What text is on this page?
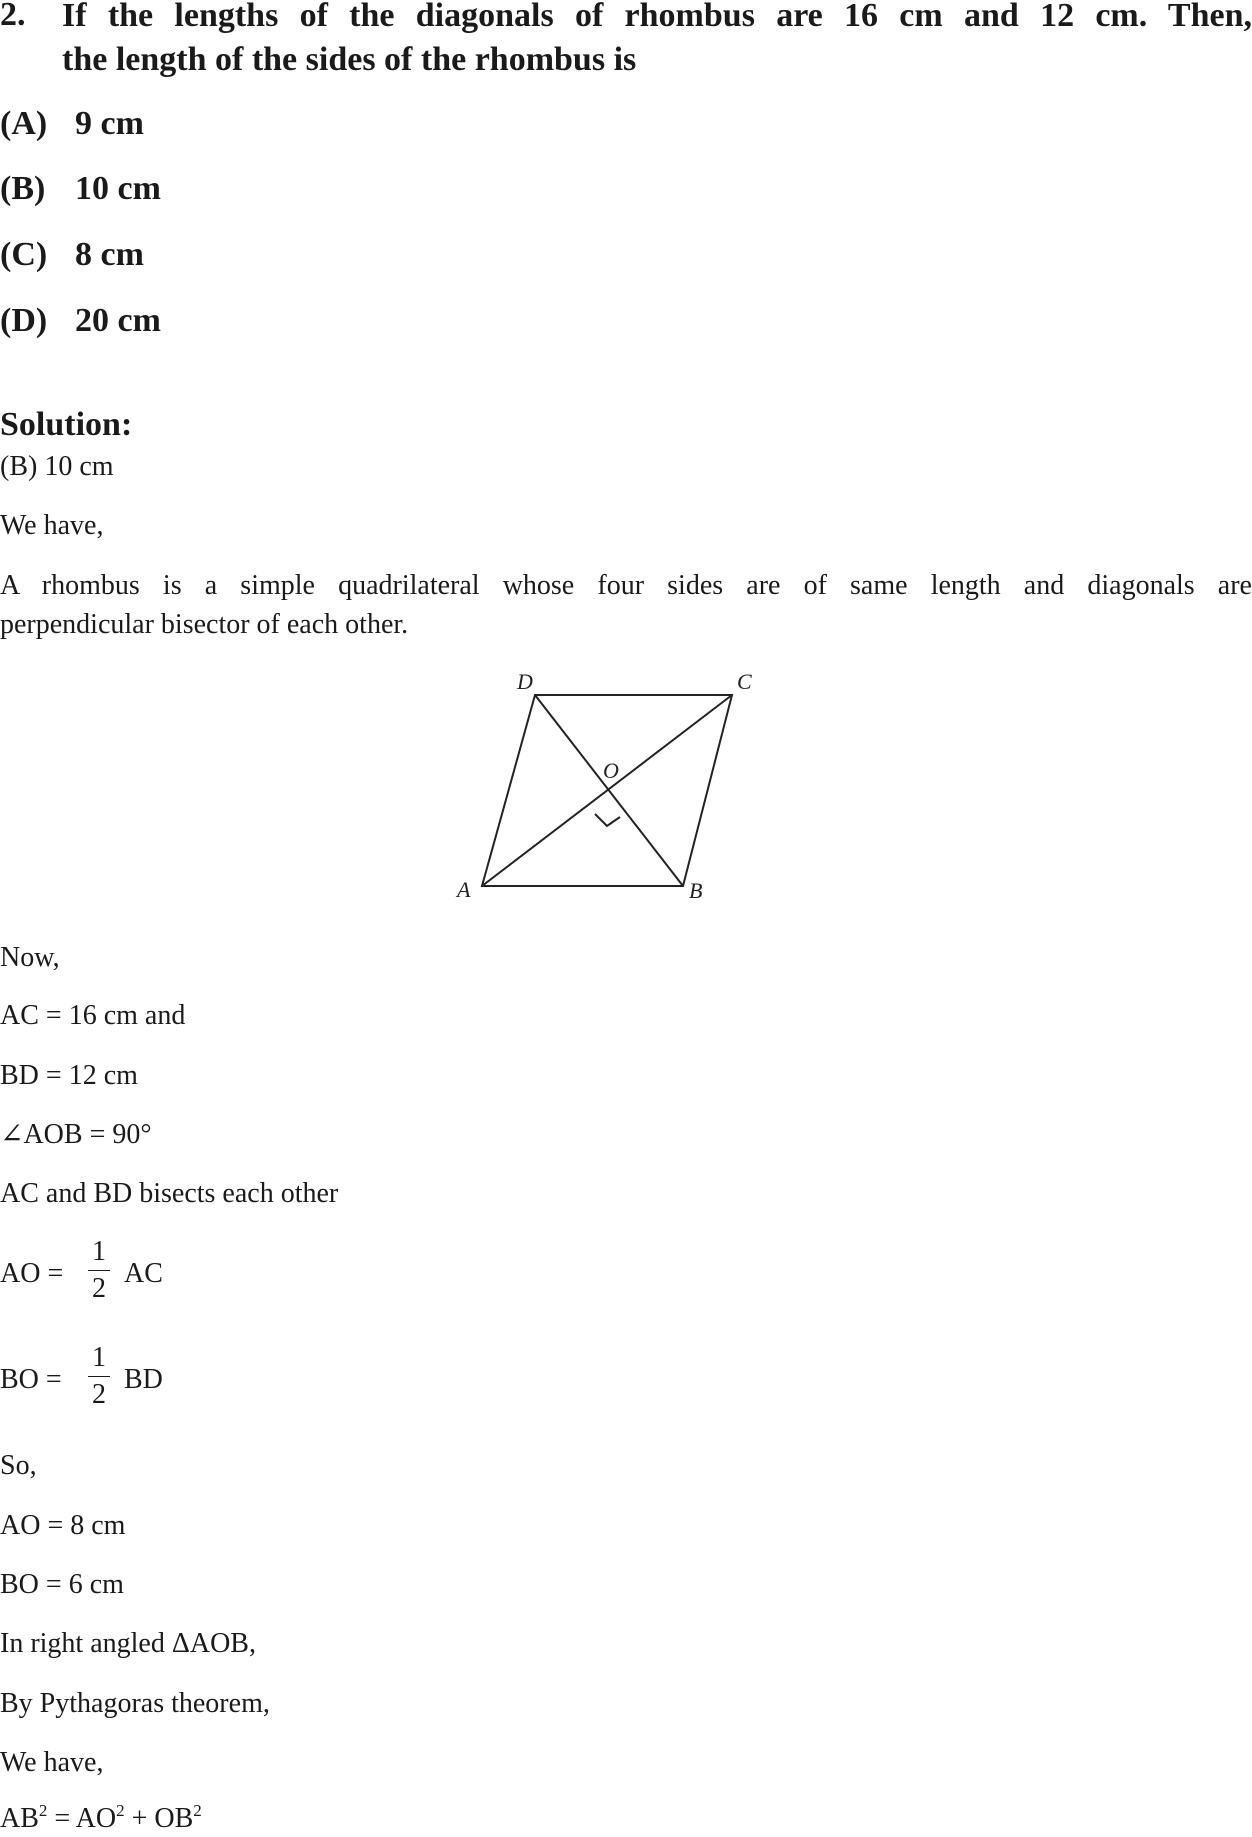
2. If the lengths of the diagonals of rhombus are 16 cm and 12 cm. Then,
the length of the sides of the rhombus is
(A) 9 cm
(B) 10 cm
(C) 8 cm
(D) 20 cm
Solution:
(B) 10 cm
We have,
A rhombus is a simple quadrilateral whose four sides are of same length and diagonals are
perpendicular bisector of each other.
D	C
O
A	B
Now,
AC = 16 cm and
BD = 12 cm
∠AOB = 90°
AC and BD bisects each other
AO =
1
2 AC
BO =
1
2 BD
So,
AO = 8 cm
BO = 6 cm
In right angled ΔAOB,
By Pythagoras theorem,
We have,
$AB^2 = AO^2 + OB^2$
